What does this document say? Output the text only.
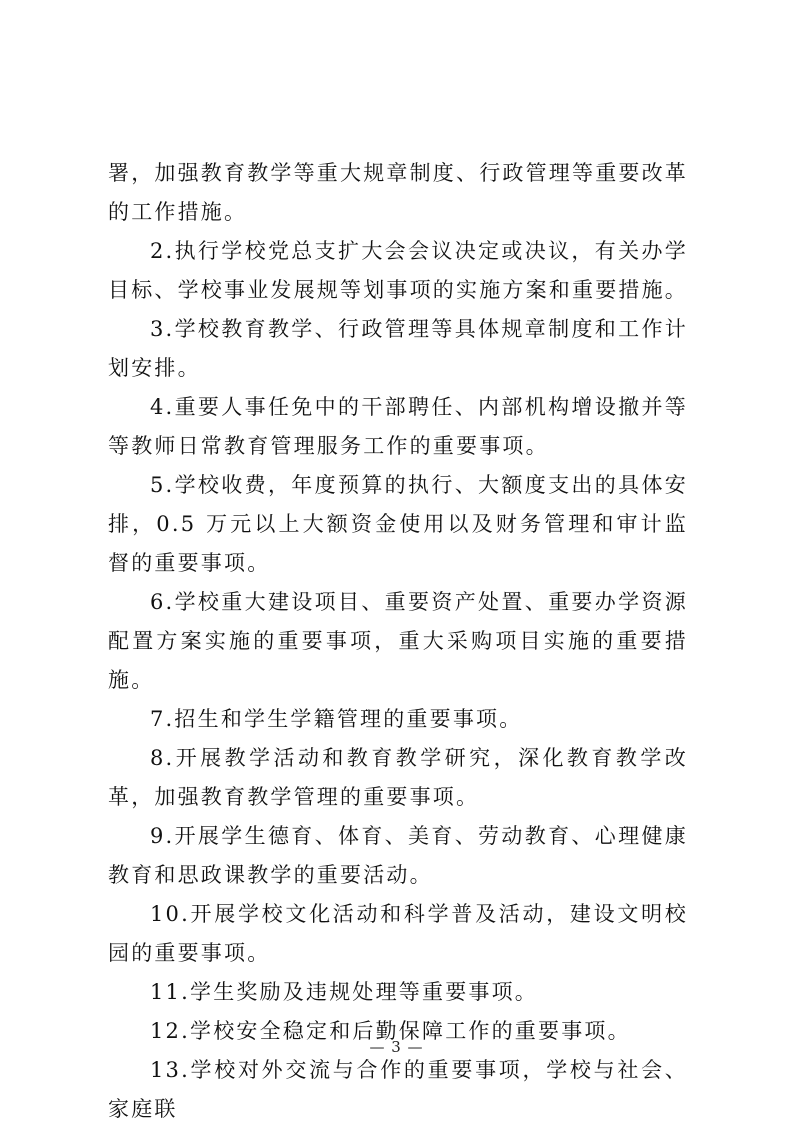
署，加强教育教学等重大规章制度、行政管理等重要改革的工作措施。

2.执行学校党总支扩大会会议决定或决议，有关办学目标、学校事业发展规等划事项的实施方案和重要措施。

3.学校教育教学、行政管理等具体规章制度和工作计划安排。

4.重要人事任免中的干部聘任、内部机构增设撤并等等教师日常教育管理服务工作的重要事项。

5.学校收费，年度预算的执行、大额度支出的具体安排，0.5 万元以上大额资金使用以及财务管理和审计监督的重要事项。

6.学校重大建设项目、重要资产处置、重要办学资源配置方案实施的重要事项，重大采购项目实施的重要措施。

7.招生和学生学籍管理的重要事项。

8.开展教学活动和教育教学研究，深化教育教学改革，加强教育教学管理的重要事项。

9.开展学生德育、体育、美育、劳动教育、心理健康教育和思政课教学的重要活动。

10.开展学校文化活动和科学普及活动，建设文明校园的重要事项。

11.学生奖励及违规处理等重要事项。

12.学校安全稳定和后勤保障工作的重要事项。

13.学校对外交流与合作的重要事项，学校与社会、家庭联

— 3 —
